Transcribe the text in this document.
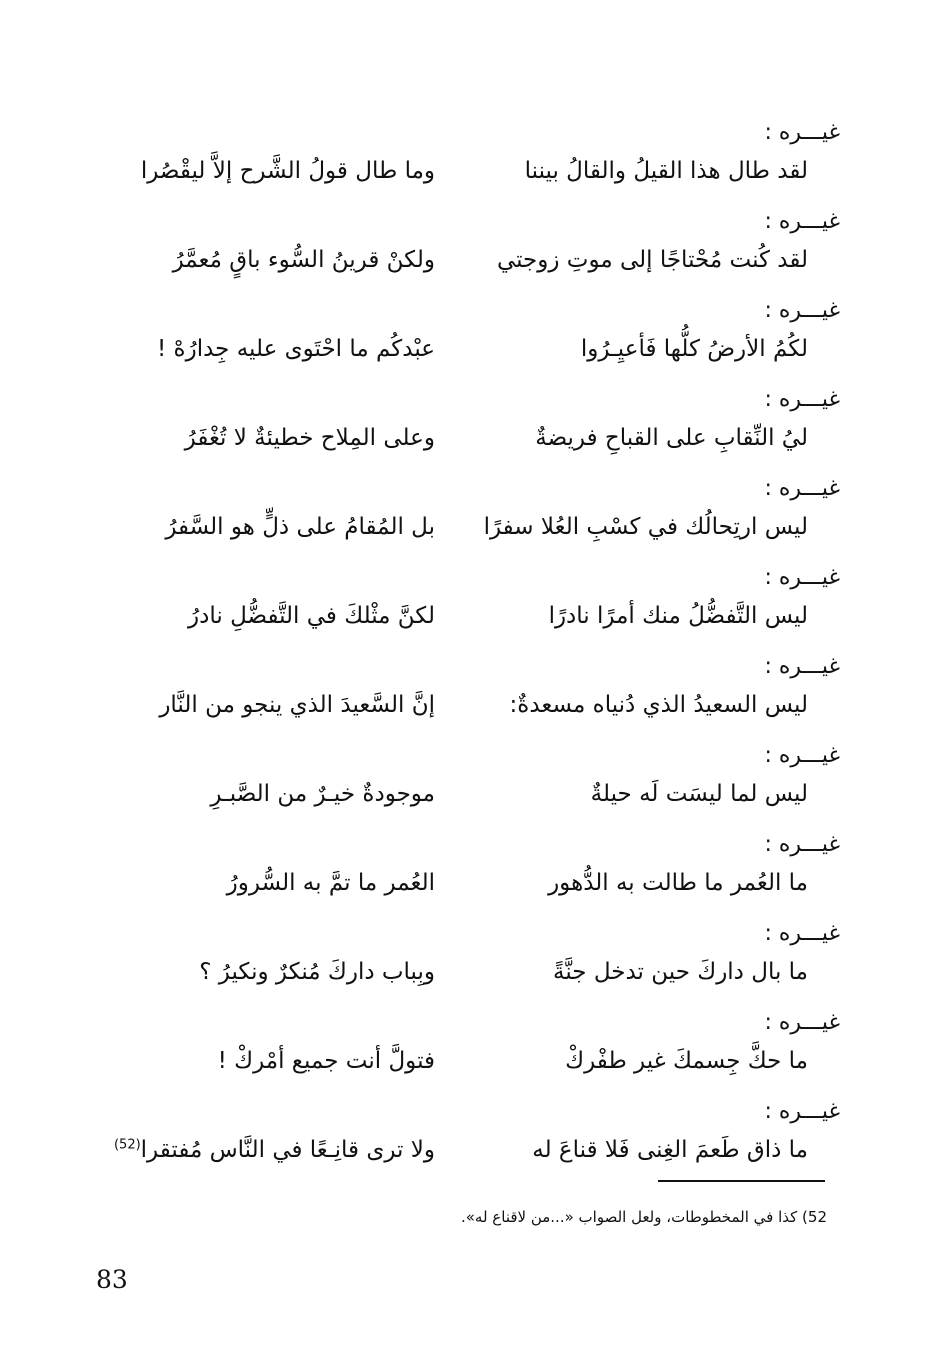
غيـــره :
لقد طال هذا القيلُ والقالُ بيننا
وما طال قولُ الشَّرح إلاَّ ليقْصُرا
غيـــره :
لقد كُنت مُحْتاجًا إلى موتِ زوجتي
ولكنْ قرينُ السُّوء باقٍ مُعمَّرُ
غيـــره :
لكُمُ الأرضُ كلُّها فَأعيِـرُوا
عبْدكُم ما احْتَوى عليه جِدارُهْ !
غيـــره :
ليُ النِّقابِ على القباحِ فريضةٌ
وعلى المِلاح خطيئةٌ لا تُغْفَرُ
غيـــره :
ليس ارتِحالُك في كسْبِ العُلا سفرًا
بل المُقامُ على ذلٍّ هو السَّفرُ
غيـــره :
ليس التَّفضُّلُ منك أمرًا نادرًا
لكنَّ مثْلكَ في التَّفضُّلِ نادرُ
غيـــره :
ليس السعيدُ الذي دُنياه مسعدةٌ:
إنَّ السَّعيدَ الذي ينجو من النَّار
غيـــره :
ليس لما ليسَت لَه حيلةٌ
موجودةٌ خيـرٌ من الصَّبـرِ
غيـــره :
ما العُمر ما طالت به الدُّهور
العُمر ما تمَّ به السُّرورُ
غيـــره :
ما بال داركَ حين تدخل جنَّةً
وبِباب داركَ مُنكرٌ ونكيرُ ؟
غيـــره :
ما حكَّ جِسمكَ غير طفْركْ
فتولَّ أنت جميع أمْركْ !
غيـــره :
ما ذاق طَعمَ الغِنى فَلا قناعَ له
ولا ترى قانِـعًا في النَّاس مُفتقرا$^{(52)}$
52) كذا في المخطوطات، ولعل الصواب «...من لاقناع له».
83
